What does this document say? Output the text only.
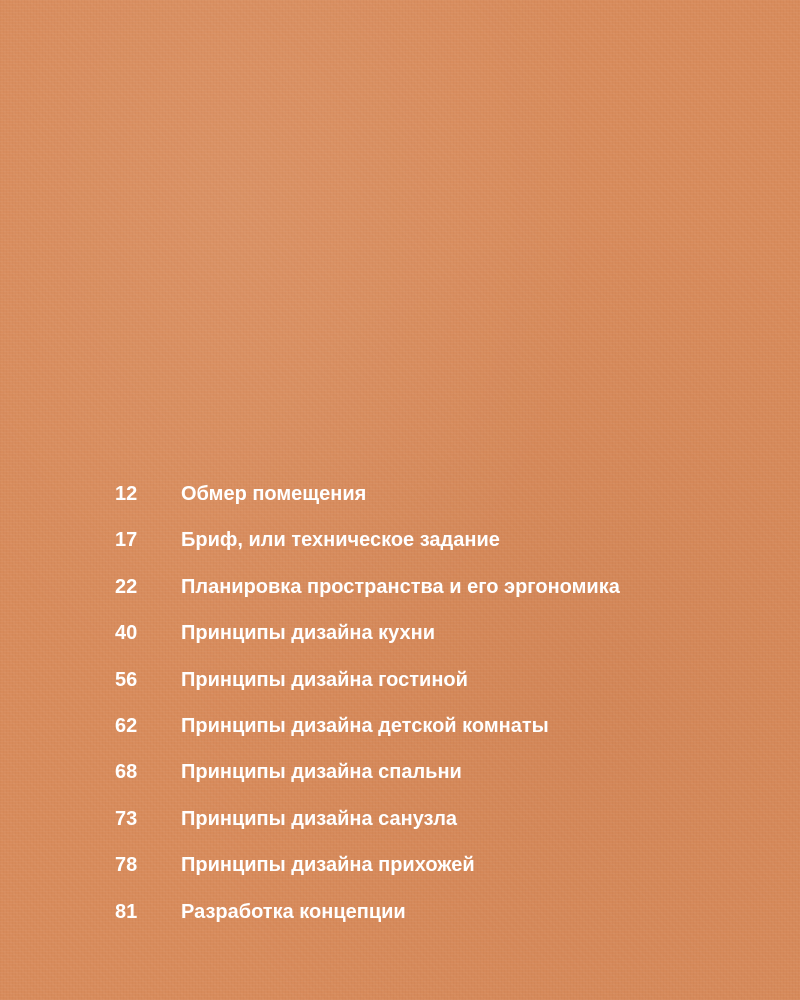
12	Обмер помещения
17	Бриф, или техническое задание
22	Планировка пространства и его эргономика
40	Принципы дизайна кухни
56	Принципы дизайна гостиной
62	Принципы дизайна детской комнаты
68	Принципы дизайна спальни
73	Принципы дизайна санузла
78	Принципы дизайна прихожей
81	Разработка концепции
